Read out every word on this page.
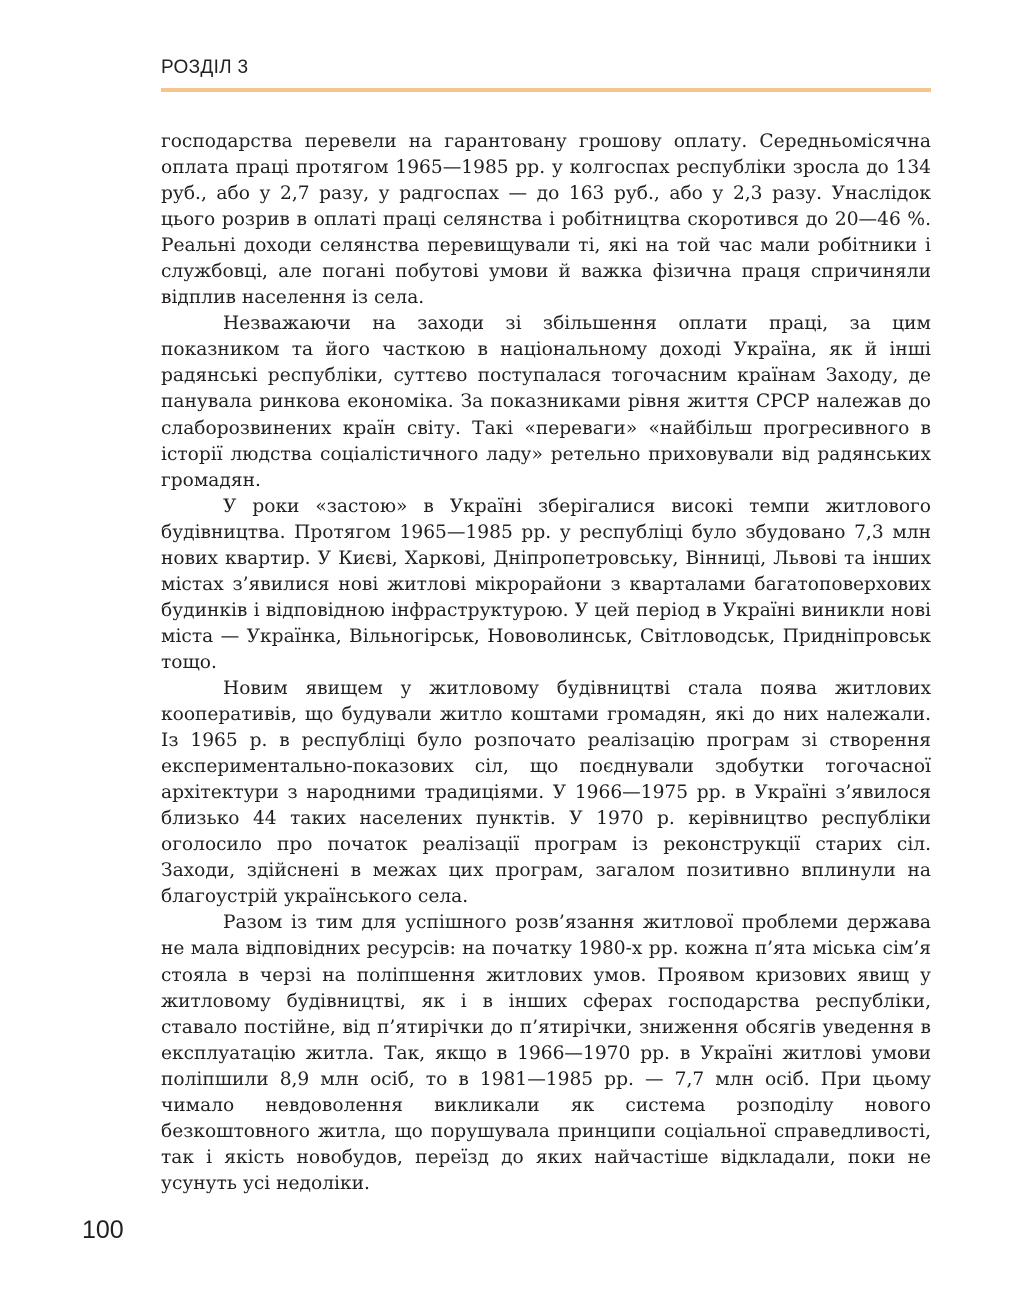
РОЗДІЛ 3

господарства перевели на гарантовану грошову оплату. Середньомісячна оплата праці протягом 1965—1985 рр. у колгоспах республіки зросла до 134 руб., або у 2,7 разу, у радгоспах — до 163 руб., або у 2,3 разу. Унаслідок цього розрив в оплаті праці селянства і робітництва скоротився до 20—46 %. Реальні доходи селянства перевищували ті, які на той час мали робітники і службовці, але погані побутові умови й важка фізична праця спричиняли відплив населення із села.

Незважаючи на заходи зі збільшення оплати праці, за цим показником та його часткою в національному доході Україна, як й інші радянські республіки, суттєво поступалася тогочасним країнам Заходу, де панувала ринкова економіка. За показниками рівня життя СРСР належав до слаборозвинених країн світу. Такі «переваги» «найбільш прогресивного в історії людства соціалістичного ладу» ретельно приховували від радянських громадян.

У роки «застою» в Україні зберігалися високі темпи житлового будівництва. Протягом 1965—1985 рр. у республіці було збудовано 7,3 млн нових квартир. У Києві, Харкові, Дніпропетровську, Вінниці, Львові та інших містах з’явилися нові житлові мікрорайони з кварталами багатоповерхових будинків і відповідною інфраструктурою. У цей період в Україні виникли нові міста — Українка, Вільногірськ, Нововолинськ, Світловодськ, Придніпровськ тощо.

Новим явищем у житловому будівництві стала поява житлових кооперативів, що будували житло коштами громадян, які до них належали. Із 1965 р. в республіці було розпочато реалізацію програм зі створення експериментально-показових сіл, що поєднували здобутки тогочасної архітектури з народними традиціями. У 1966—1975 рр. в Україні з’явилося близько 44 таких населених пунктів. У 1970 р. керівництво республіки оголосило про початок реалізації програм із реконструкції старих сіл. Заходи, здійснені в межах цих програм, загалом позитивно вплинули на благоустрій українського села.

Разом із тим для успішного розв’язання житлової проблеми держава не мала відповідних ресурсів: на початку 1980-х рр. кожна п’ята міська сім’я стояла в черзі на поліпшення житлових умов. Проявом кризових явищ у житловому будівництві, як і в інших сферах господарства республіки, ставало постійне, від п’ятирічки до п’ятирічки, зниження обсягів уведення в експлуатацію житла. Так, якщо в 1966—1970 рр. в Україні житлові умови поліпшили 8,9 млн осіб, то в 1981—1985 рр. — 7,7 млн осіб. При цьому чимало невдоволення викликали як система розподілу нового безкоштовного житла, що порушувала принципи соціальної справедливості, так і якість новобудов, переїзд до яких найчастіше відкладали, поки не усунуть усі недоліки.

100
